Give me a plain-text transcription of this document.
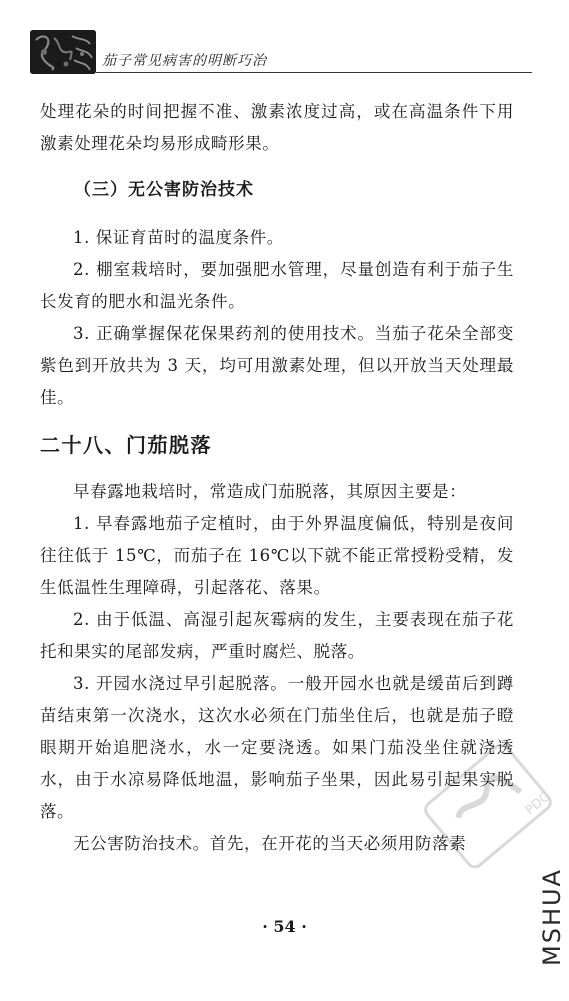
茄子常见病害的明断巧治

处理花朵的时间把握不准、激素浓度过高，或在高温条件下用激素处理花朵均易形成畸形果。

（三）无公害防治技术

1. 保证育苗时的温度条件。

2. 棚室栽培时，要加强肥水管理，尽量创造有利于茄子生长发育的肥水和温光条件。

3. 正确掌握保花保果药剂的使用技术。当茄子花朵全部变紫色到开放共为 3 天，均可用激素处理，但以开放当天处理最佳。

二十八、门茄脱落

早春露地栽培时，常造成门茄脱落，其原因主要是：

1. 早春露地茄子定植时，由于外界温度偏低，特别是夜间往往低于 15℃，而茄子在 16℃以下就不能正常授粉受精，发生低温性生理障碍，引起落花、落果。

2. 由于低温、高湿引起灰霉病的发生，主要表现在茄子花托和果实的尾部发病，严重时腐烂、脱落。

3. 开园水浇过早引起脱落。一般开园水也就是缓苗后到蹲苗结束第一次浇水，这次水必须在门茄坐住后，也就是茄子瞪眼期开始追肥浇水，水一定要浇透。如果门茄没坐住就浇透水，由于水凉易降低地温，影响茄子坐果，因此易引起果实脱落。

无公害防治技术。首先，在开花的当天必须用防落素

· 54 ·
PDG
MSHUA
